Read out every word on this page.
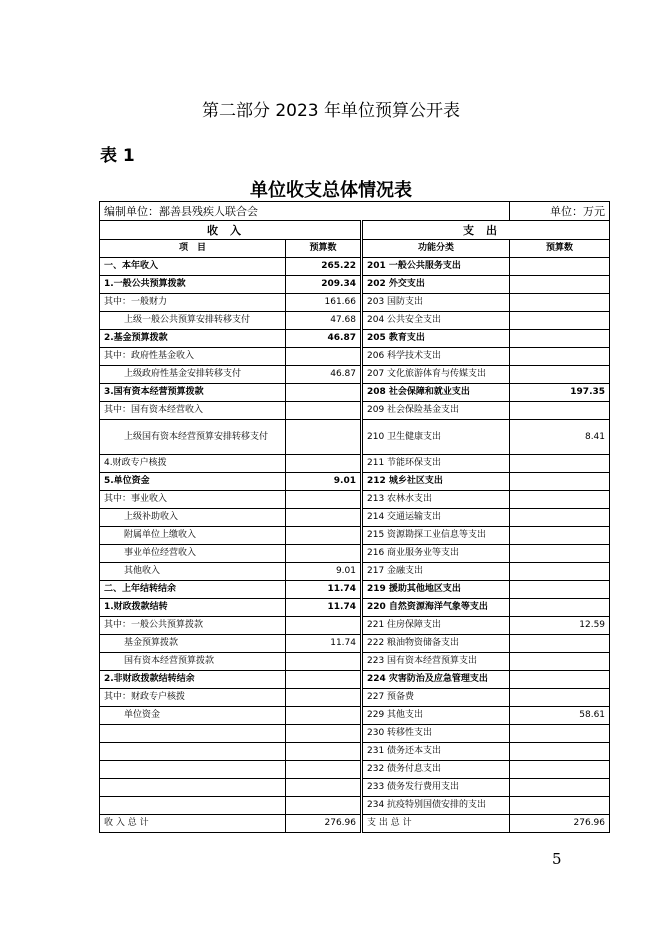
第二部分 2023 年单位预算公开表
表 1
单位收支总体情况表
编制单位：鄯善县残疾人联合会			单位：万元
收入		支出	
项　目	预算数	功能分类	预算数
一、本年收入	265.22	201 一般公共服务支出	
1.一般公共预算拨款	209.34	202 外交支出	
其中：一般财力	161.66	203 国防支出	
上级一般公共预算安排转移支付	47.68	204 公共安全支出	
2.基金预算拨款	46.87	205 教育支出	
其中：政府性基金收入		206 科学技术支出	
上级政府性基金安排转移支付	46.87	207 文化旅游体育与传媒支出	
3.国有资本经营预算拨款		208 社会保障和就业支出	197.35
其中：国有资本经营收入		209 社会保险基金支出	
上级国有资本经营预算安排转移支付		210 卫生健康支出	8.41
4.财政专户核拨		211 节能环保支出	
5.单位资金	9.01	212 城乡社区支出	
其中：事业收入		213 农林水支出	
上级补助收入		214 交通运输支出	
附属单位上缴收入		215 资源勘探工业信息等支出	
事业单位经营收入		216 商业服务业等支出	
其他收入	9.01	217 金融支出	
二、上年结转结余	11.74	219 援助其他地区支出	
1.财政拨款结转	11.74	220 自然资源海洋气象等支出	
其中：一般公共预算拨款		221 住房保障支出	12.59
基金预算拨款	11.74	222 粮油物资储备支出	
国有资本经营预算拨款		223 国有资本经营预算支出	
2.非财政拨款结转结余		224 灾害防治及应急管理支出	
其中：财政专户核拨		227 预备费	
单位资金		229 其他支出	58.61
		230 转移性支出	
		231 债务还本支出	
		232 债务付息支出	
		233 债务发行费用支出	
		234 抗疫特别国债安排的支出	
收 入 总 计	276.96	支 出 总 计	276.96
5
